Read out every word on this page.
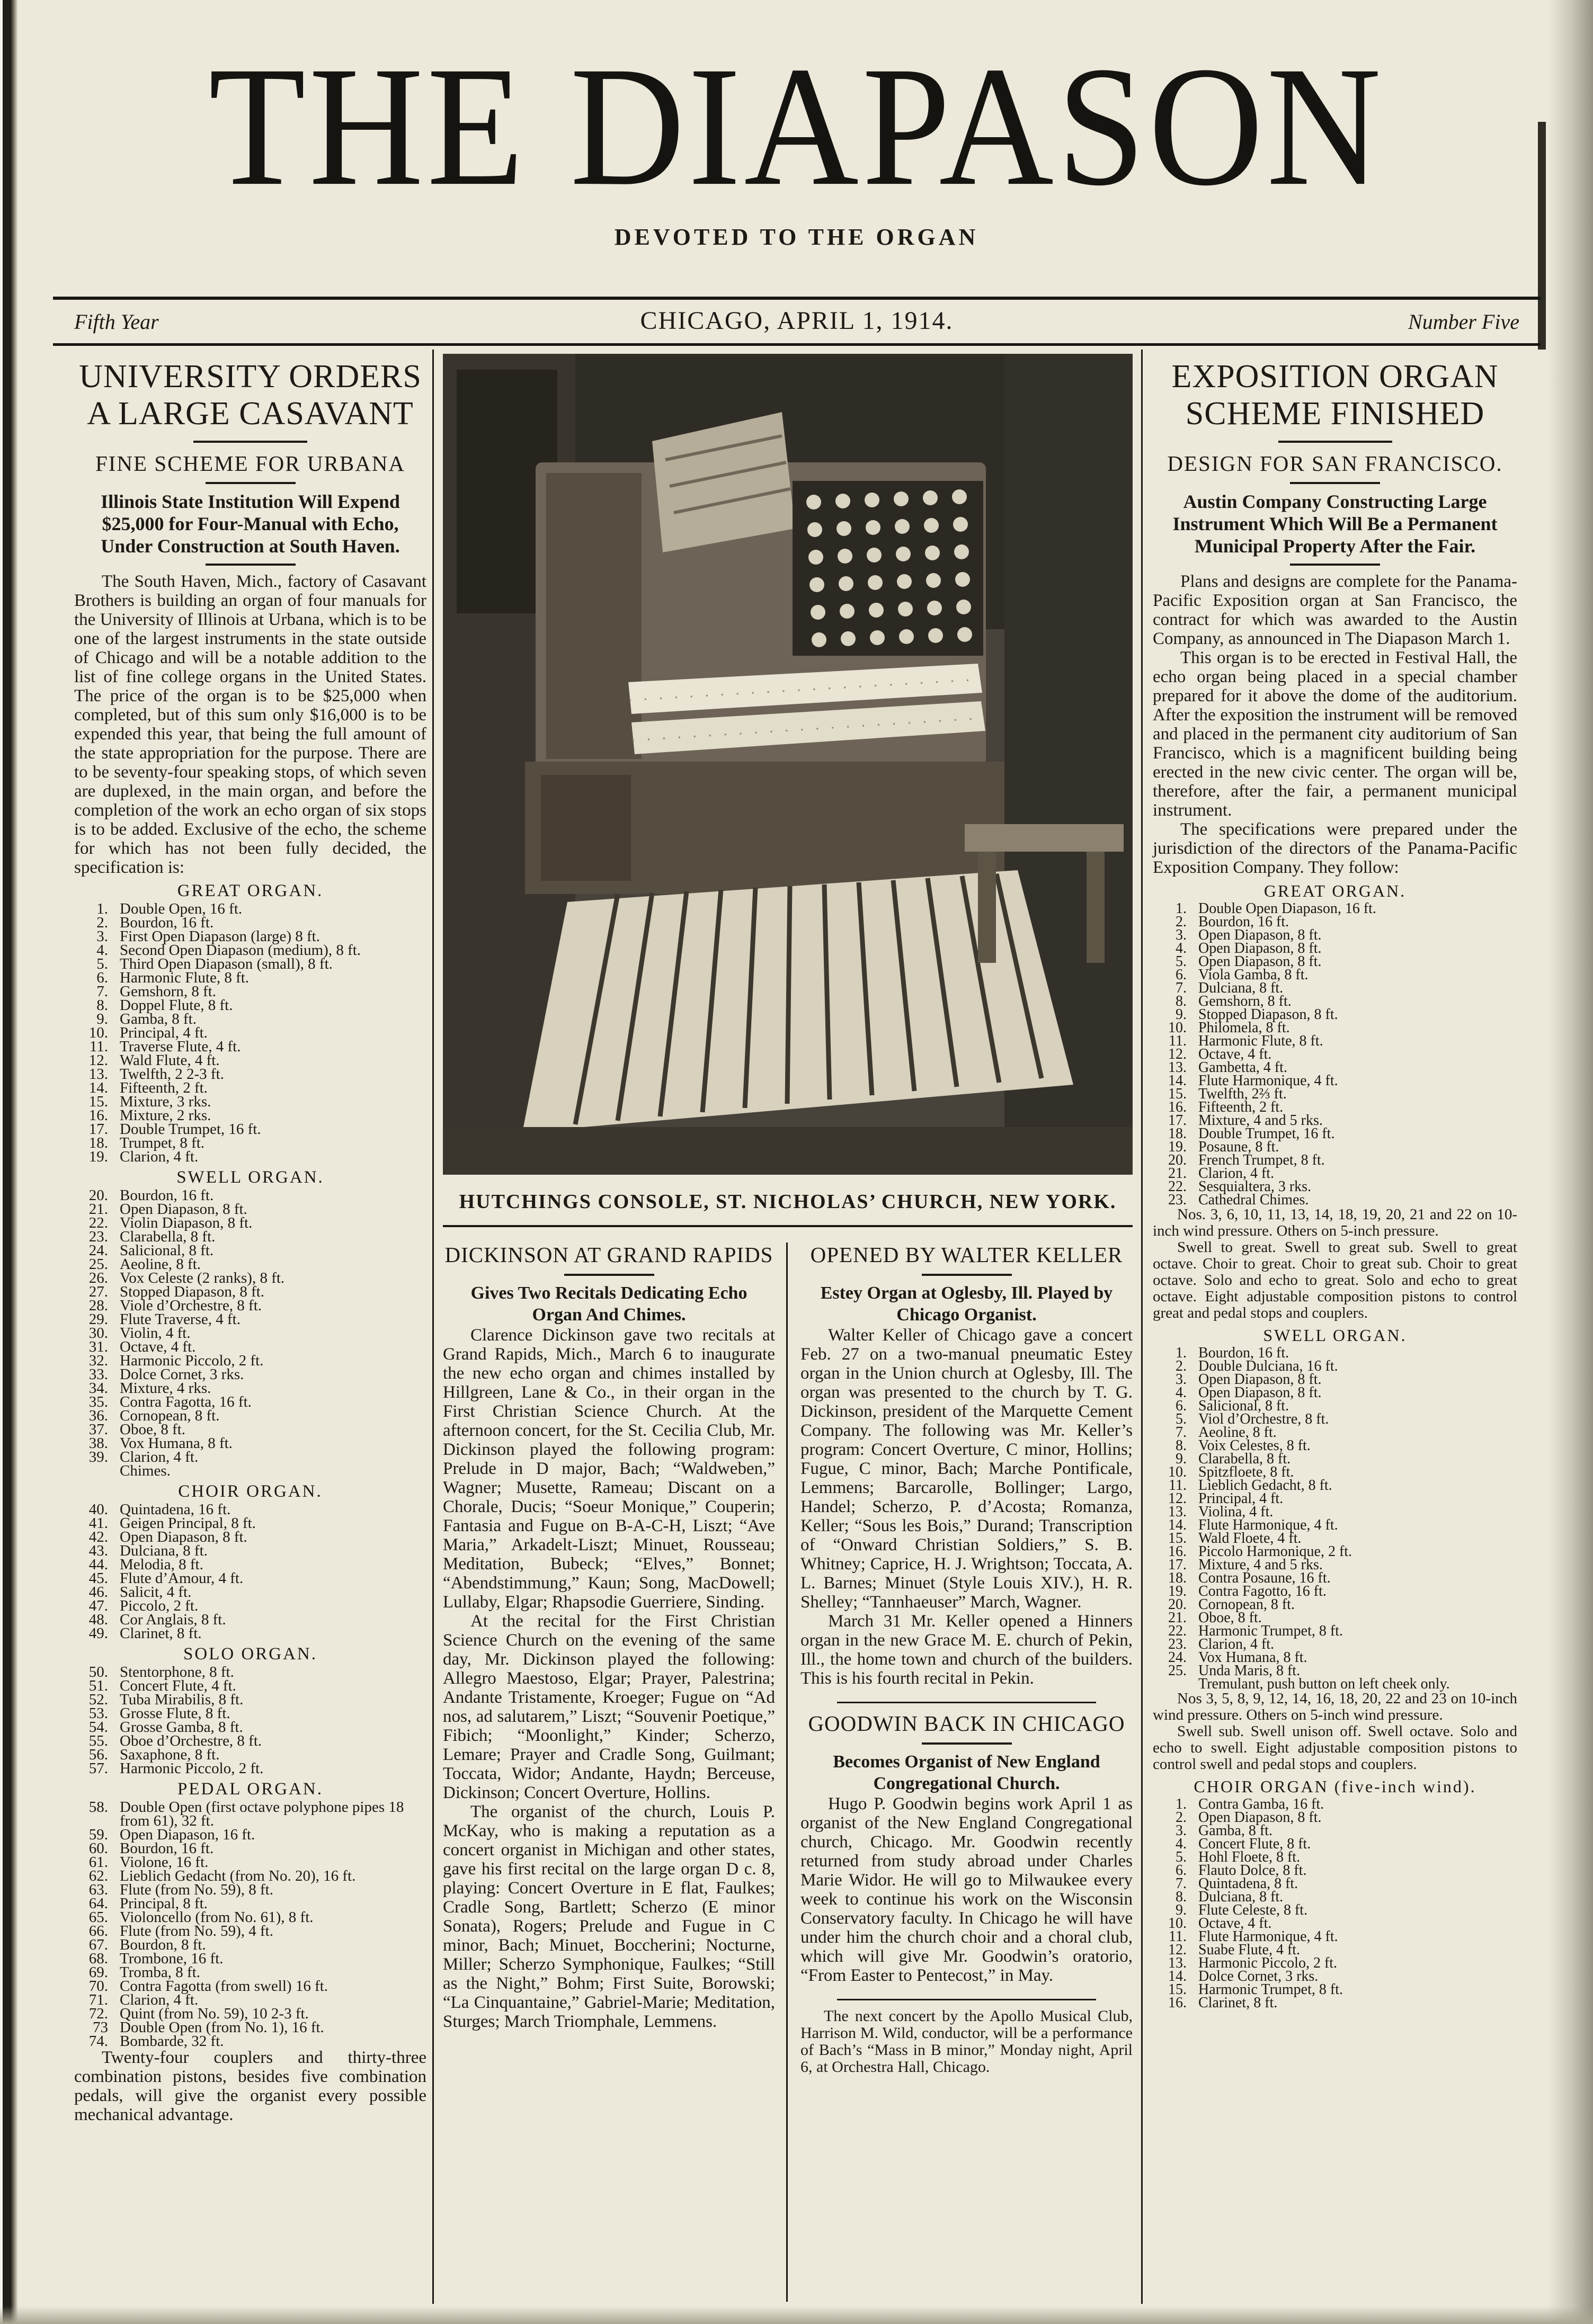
THE DIAPASON
DEVOTED TO THE ORGAN
Fifth Year	CHICAGO, APRIL 1, 1914.	Number Five
UNIVERSITY ORDERS
A LARGE CASAVANT
FINE SCHEME FOR URBANA
Illinois State Institution Will Expend $25,000 for Four-Manual with Echo, Under Construction at South Haven.

The South Haven, Mich., factory of Casavant Brothers is building an organ of four manuals for the University of Illinois at Urbana, which is to be one of the largest instruments in the state outside of Chicago and will be a notable addition to the list of fine college organs in the United States. The price of the organ is to be $25,000 when completed, but of this sum only $16,000 is to be expended this year, that being the full amount of the state appropriation for the purpose. There are to be seventy-four speaking stops, of which seven are duplexed, in the main organ, and before the completion of the work an echo organ of six stops is to be added. Exclusive of the echo, the scheme for which has not been fully decided, the specification is:

GREAT ORGAN.
1. Double Open, 16 ft.
2. Bourdon, 16 ft.
3. First Open Diapason (large) 8 ft.
4. Second Open Diapason (medium), 8 ft.
5. Third Open Diapason (small), 8 ft.
6. Harmonic Flute, 8 ft.
7. Gemshorn, 8 ft.
8. Doppel Flute, 8 ft.
9. Gamba, 8 ft.
10. Principal, 4 ft.
11. Traverse Flute, 4 ft.
12. Wald Flute, 4 ft.
13. Twelfth, 2 2-3 ft.
14. Fifteenth, 2 ft.
15. Mixture, 3 rks.
16. Mixture, 2 rks.
17. Double Trumpet, 16 ft.
18. Trumpet, 8 ft.
19. Clarion, 4 ft.
SWELL ORGAN.
20. Bourdon, 16 ft.
21. Open Diapason, 8 ft.
22. Violin Diapason, 8 ft.
23. Clarabella, 8 ft.
24. Salicional, 8 ft.
25. Aeoline, 8 ft.
26. Vox Celeste (2 ranks), 8 ft.
27. Stopped Diapason, 8 ft.
28. Viole d’Orchestre, 8 ft.
29. Flute Traverse, 4 ft.
30. Violin, 4 ft.
31. Octave, 4 ft.
32. Harmonic Piccolo, 2 ft.
33. Dolce Cornet, 3 rks.
34. Mixture, 4 rks.
35. Contra Fagotta, 16 ft.
36. Cornopean, 8 ft.
37. Oboe, 8 ft.
38. Vox Humana, 8 ft.
39. Clarion, 4 ft.
Chimes.
CHOIR ORGAN.
40. Quintadena, 16 ft.
41. Geigen Principal, 8 ft.
42. Open Diapason, 8 ft.
43. Dulciana, 8 ft.
44. Melodia, 8 ft.
45. Flute d’Amour, 4 ft.
46. Salicit, 4 ft.
47. Piccolo, 2 ft.
48. Cor Anglais, 8 ft.
49. Clarinet, 8 ft.
SOLO ORGAN.
50. Stentorphone, 8 ft.
51. Concert Flute, 4 ft.
52. Tuba Mirabilis, 8 ft.
53. Grosse Flute, 8 ft.
54. Grosse Gamba, 8 ft.
55. Oboe d’Orchestre, 8 ft.
56. Saxaphone, 8 ft.
57. Harmonic Piccolo, 2 ft.
PEDAL ORGAN.
58. Double Open (first octave polyphone pipes 18 from 61), 32 ft.
59. Open Diapason, 16 ft.
60. Bourdon, 16 ft.
61. Violone, 16 ft.
62. Lieblich Gedacht (from No. 20), 16 ft.
63. Flute (from No. 59), 8 ft.
64. Principal, 8 ft.
65. Violoncello (from No. 61), 8 ft.
66. Flute (from No. 59), 4 ft.
67. Bourdon, 8 ft.
68. Trombone, 16 ft.
69. Tromba, 8 ft.
70. Contra Fagotta (from swell) 16 ft.
71. Clarion, 4 ft.
72. Quint (from No. 59), 10 2-3 ft.
73 Double Open (from No. 1), 16 ft.
74. Bombarde, 32 ft.

Twenty-four couplers and thirty-three combination pistons, besides five combination pedals, will give the organist every possible mechanical advantage.

HUTCHINGS CONSOLE, ST. NICHOLAS’ CHURCH, NEW YORK.
DICKINSON AT GRAND RAPIDS
Gives Two Recitals Dedicating Echo Organ And Chimes.

Clarence Dickinson gave two recitals at Grand Rapids, Mich., March 6 to inaugurate the new echo organ and chimes installed by Hillgreen, Lane & Co., in their organ in the First Christian Science Church. At the afternoon concert, for the St. Cecilia Club, Mr. Dickinson played the following program: Prelude in D major, Bach; “Waldweben,” Wagner; Musette, Rameau; Discant on a Chorale, Ducis; “Soeur Monique,” Couperin; Fantasia and Fugue on B-A-C-H, Liszt; “Ave Maria,” Arkadelt-Liszt; Minuet, Rousseau; Meditation, Bubeck; “Elves,” Bonnet; “Abendstimmung,” Kaun; Song, MacDowell; Lullaby, Elgar; Rhapsodie Guerriere, Sinding.

At the recital for the First Christian Science Church on the evening of the same day, Mr. Dickinson played the following: Allegro Maestoso, Elgar; Prayer, Palestrina; Andante Tristamente, Kroeger; Fugue on “Ad nos, ad salutarem,” Liszt; “Souvenir Poetique,” Fibich; “Moonlight,” Kinder; Scherzo, Lemare; Prayer and Cradle Song, Guilmant; Toccata, Widor; Andante, Haydn; Berceuse, Dickinson; Concert Overture, Hollins.

The organist of the church, Louis P. McKay, who is making a reputation as a concert organist in Michigan and other states, gave his first recital on the large organ D c. 8, playing: Concert Overture in E flat, Faulkes; Cradle Song, Bartlett; Scherzo (E minor Sonata), Rogers; Prelude and Fugue in C minor, Bach; Minuet, Boccherini; Nocturne, Miller; Scherzo Symphonique, Faulkes; “Still as the Night,” Bohm; First Suite, Borowski; “La Cinquantaine,” Gabriel-Marie; Meditation, Sturges; March Triomphale, Lemmens.

OPENED BY WALTER KELLER
Estey Organ at Oglesby, Ill. Played by Chicago Organist.

Walter Keller of Chicago gave a concert Feb. 27 on a two-manual pneumatic Estey organ in the Union church at Oglesby, Ill. The organ was presented to the church by T. G. Dickinson, president of the Marquette Cement Company. The following was Mr. Keller’s program: Concert Overture, C minor, Hollins; Fugue, C minor, Bach; Marche Pontificale, Lemmens; Barcarolle, Bollinger; Largo, Handel; Scherzo, P. d’Acosta; Romanza, Keller; “Sous les Bois,” Durand; Transcription of “Onward Christian Soldiers,” S. B. Whitney; Caprice, H. J. Wrightson; Toccata, A. L. Barnes; Minuet (Style Louis XIV.), H. R. Shelley; “Tannhaeuser” March, Wagner.

March 31 Mr. Keller opened a Hinners organ in the new Grace M. E. church of Pekin, Ill., the home town and church of the builders. This is his fourth recital in Pekin.

GOODWIN BACK IN CHICAGO
Becomes Organist of New England Congregational Church.

Hugo P. Goodwin begins work April 1 as organist of the New England Congregational church, Chicago. Mr. Goodwin recently returned from study abroad under Charles Marie Widor. He will go to Milwaukee every week to continue his work on the Wisconsin Conservatory faculty. In Chicago he will have under him the church choir and a choral club, which will give Mr. Goodwin’s oratorio, “From Easter to Pentecost,” in May.

The next concert by the Apollo Musical Club, Harrison M. Wild, conductor, will be a performance of Bach’s “Mass in B minor,” Monday night, April 6, at Orchestra Hall, Chicago.

EXPOSITION ORGAN
SCHEME FINISHED
DESIGN FOR SAN FRANCISCO.
Austin Company Constructing Large Instrument Which Will Be a Permanent Municipal Property After the Fair.

Plans and designs are complete for the Panama-Pacific Exposition organ at San Francisco, the contract for which was awarded to the Austin Company, as announced in The Diapason March 1.

This organ is to be erected in Festival Hall, the echo organ being placed in a special chamber prepared for it above the dome of the auditorium. After the exposition the instrument will be removed and placed in the permanent city auditorium of San Francisco, which is a magnificent building being erected in the new civic center. The organ will be, therefore, after the fair, a permanent municipal instrument.

The specifications were prepared under the jurisdiction of the directors of the Panama-Pacific Exposition Company. They follow:

GREAT ORGAN.
1. Double Open Diapason, 16 ft.
2. Bourdon, 16 ft.
3. Open Diapason, 8 ft.
4. Open Diapason, 8 ft.
5. Open Diapason, 8 ft.
6. Viola Gamba, 8 ft.
7. Dulciana, 8 ft.
8. Gemshorn, 8 ft.
9. Stopped Diapason, 8 ft.
10. Philomela, 8 ft.
11. Harmonic Flute, 8 ft.
12. Octave, 4 ft.
13. Gambetta, 4 ft.
14. Flute Harmonique, 4 ft.
15. Twelfth, 2⅔ ft.
16. Fifteenth, 2 ft.
17. Mixture, 4 and 5 rks.
18. Double Trumpet, 16 ft.
19. Posaune, 8 ft.
20. French Trumpet, 8 ft.
21. Clarion, 4 ft.
22. Sesquialtera, 3 rks.
23. Cathedral Chimes.

Nos. 3, 6, 10, 11, 13, 14, 18, 19, 20, 21 and 22 on 10-inch wind pressure. Others on 5-inch pressure.

Swell to great. Swell to great sub. Swell to great octave. Choir to great. Choir to great sub. Choir to great octave. Solo and echo to great. Solo and echo to great octave. Eight adjustable composition pistons to control great and pedal stops and couplers.

SWELL ORGAN.
1. Bourdon, 16 ft.
2. Double Dulciana, 16 ft.
3. Open Diapason, 8 ft.
4. Open Diapason, 8 ft.
6. Salicional, 8 ft.
5. Viol d’Orchestre, 8 ft.
7. Aeoline, 8 ft.
8. Voix Celestes, 8 ft.
9. Clarabella, 8 ft.
10. Spitzfloete, 8 ft.
11. Lieblich Gedacht, 8 ft.
12. Principal, 4 ft.
13. Violina, 4 ft.
14. Flute Harmonique, 4 ft.
15. Wald Floete, 4 ft.
16. Piccolo Harmonique, 2 ft.
17. Mixture, 4 and 5 rks.
18. Contra Posaune, 16 ft.
19. Contra Fagotto, 16 ft.
20. Cornopean, 8 ft.
21. Oboe, 8 ft.
22. Harmonic Trumpet, 8 ft.
23. Clarion, 4 ft.
24. Vox Humana, 8 ft.
25. Unda Maris, 8 ft.
Tremulant, push button on left cheek only.

Nos 3, 5, 8, 9, 12, 14, 16, 18, 20, 22 and 23 on 10-inch wind pressure. Others on 5-inch wind pressure.

Swell sub. Swell unison off. Swell octave. Solo and echo to swell. Eight adjustable composition pistons to control swell and pedal stops and couplers.

CHOIR ORGAN (five-inch wind).
1. Contra Gamba, 16 ft.
2. Open Diapason, 8 ft.
3. Gamba, 8 ft.
4. Concert Flute, 8 ft.
5. Hohl Floete, 8 ft.
6. Flauto Dolce, 8 ft.
7. Quintadena, 8 ft.
8. Dulciana, 8 ft.
9. Flute Celeste, 8 ft.
10. Octave, 4 ft.
11. Flute Harmonique, 4 ft.
12. Suabe Flute, 4 ft.
13. Harmonic Piccolo, 2 ft.
14. Dolce Cornet, 3 rks.
15. Harmonic Trumpet, 8 ft.
16. Clarinet, 8 ft.
